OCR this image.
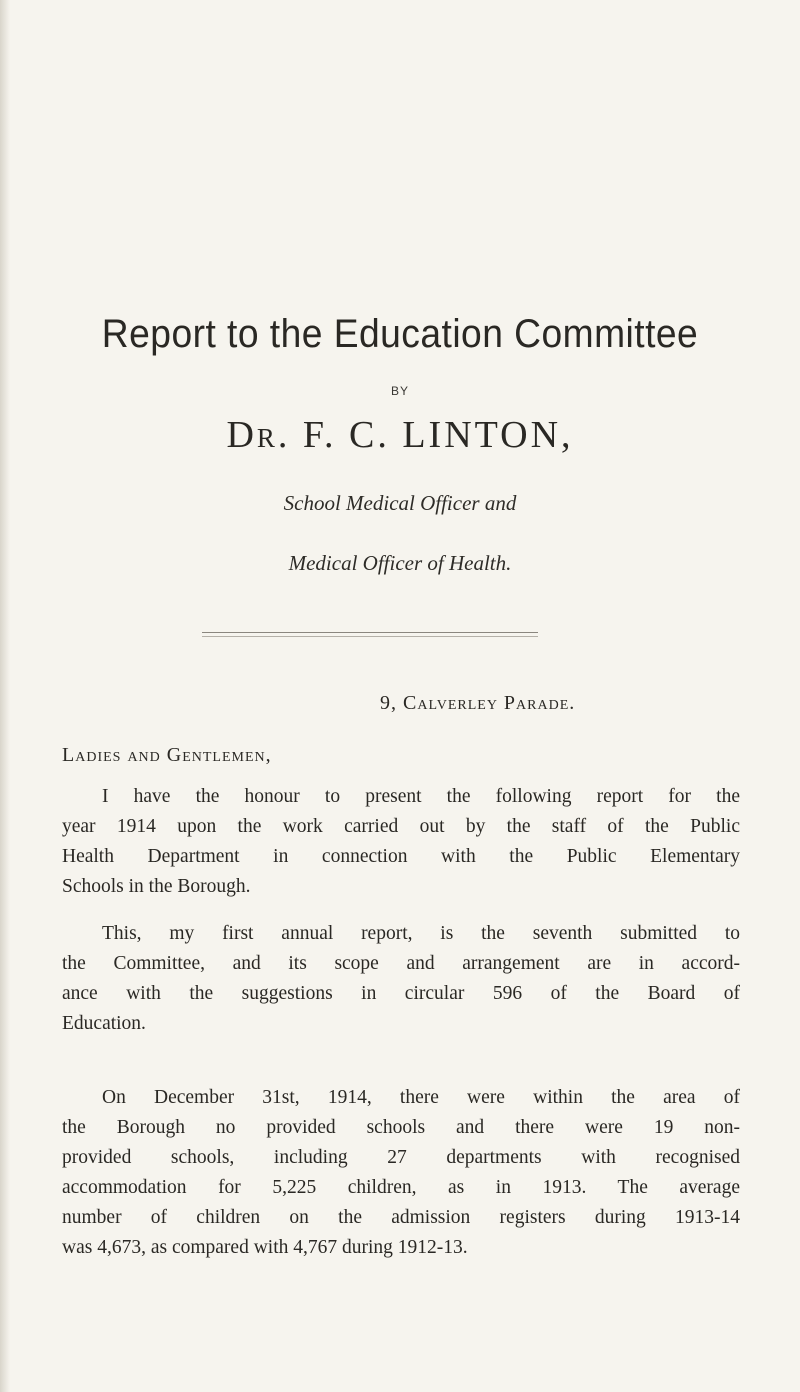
Report to the Education Committee
BY
Dr. F. C. LINTON,
School Medical Officer and
Medical Officer of Health.
9, Calverley Parade.
Ladies and Gentlemen,
I have the honour to present the following report for the
year 1914 upon the work carried out by the staff of the Public
Health Department in connection with the Public Elementary
Schools in the Borough.
This, my first annual report, is the seventh submitted to
the Committee, and its scope and arrangement are in accord-
ance with the suggestions in circular 596 of the Board of
Education.
On December 31st, 1914, there were within the area of
the Borough no provided schools and there were 19 non-
provided schools, including 27 departments with recognised
accommodation for 5,225 children, as in 1913. The average
number of children on the admission registers during 1913-14
was 4,673, as compared with 4,767 during 1912-13.
